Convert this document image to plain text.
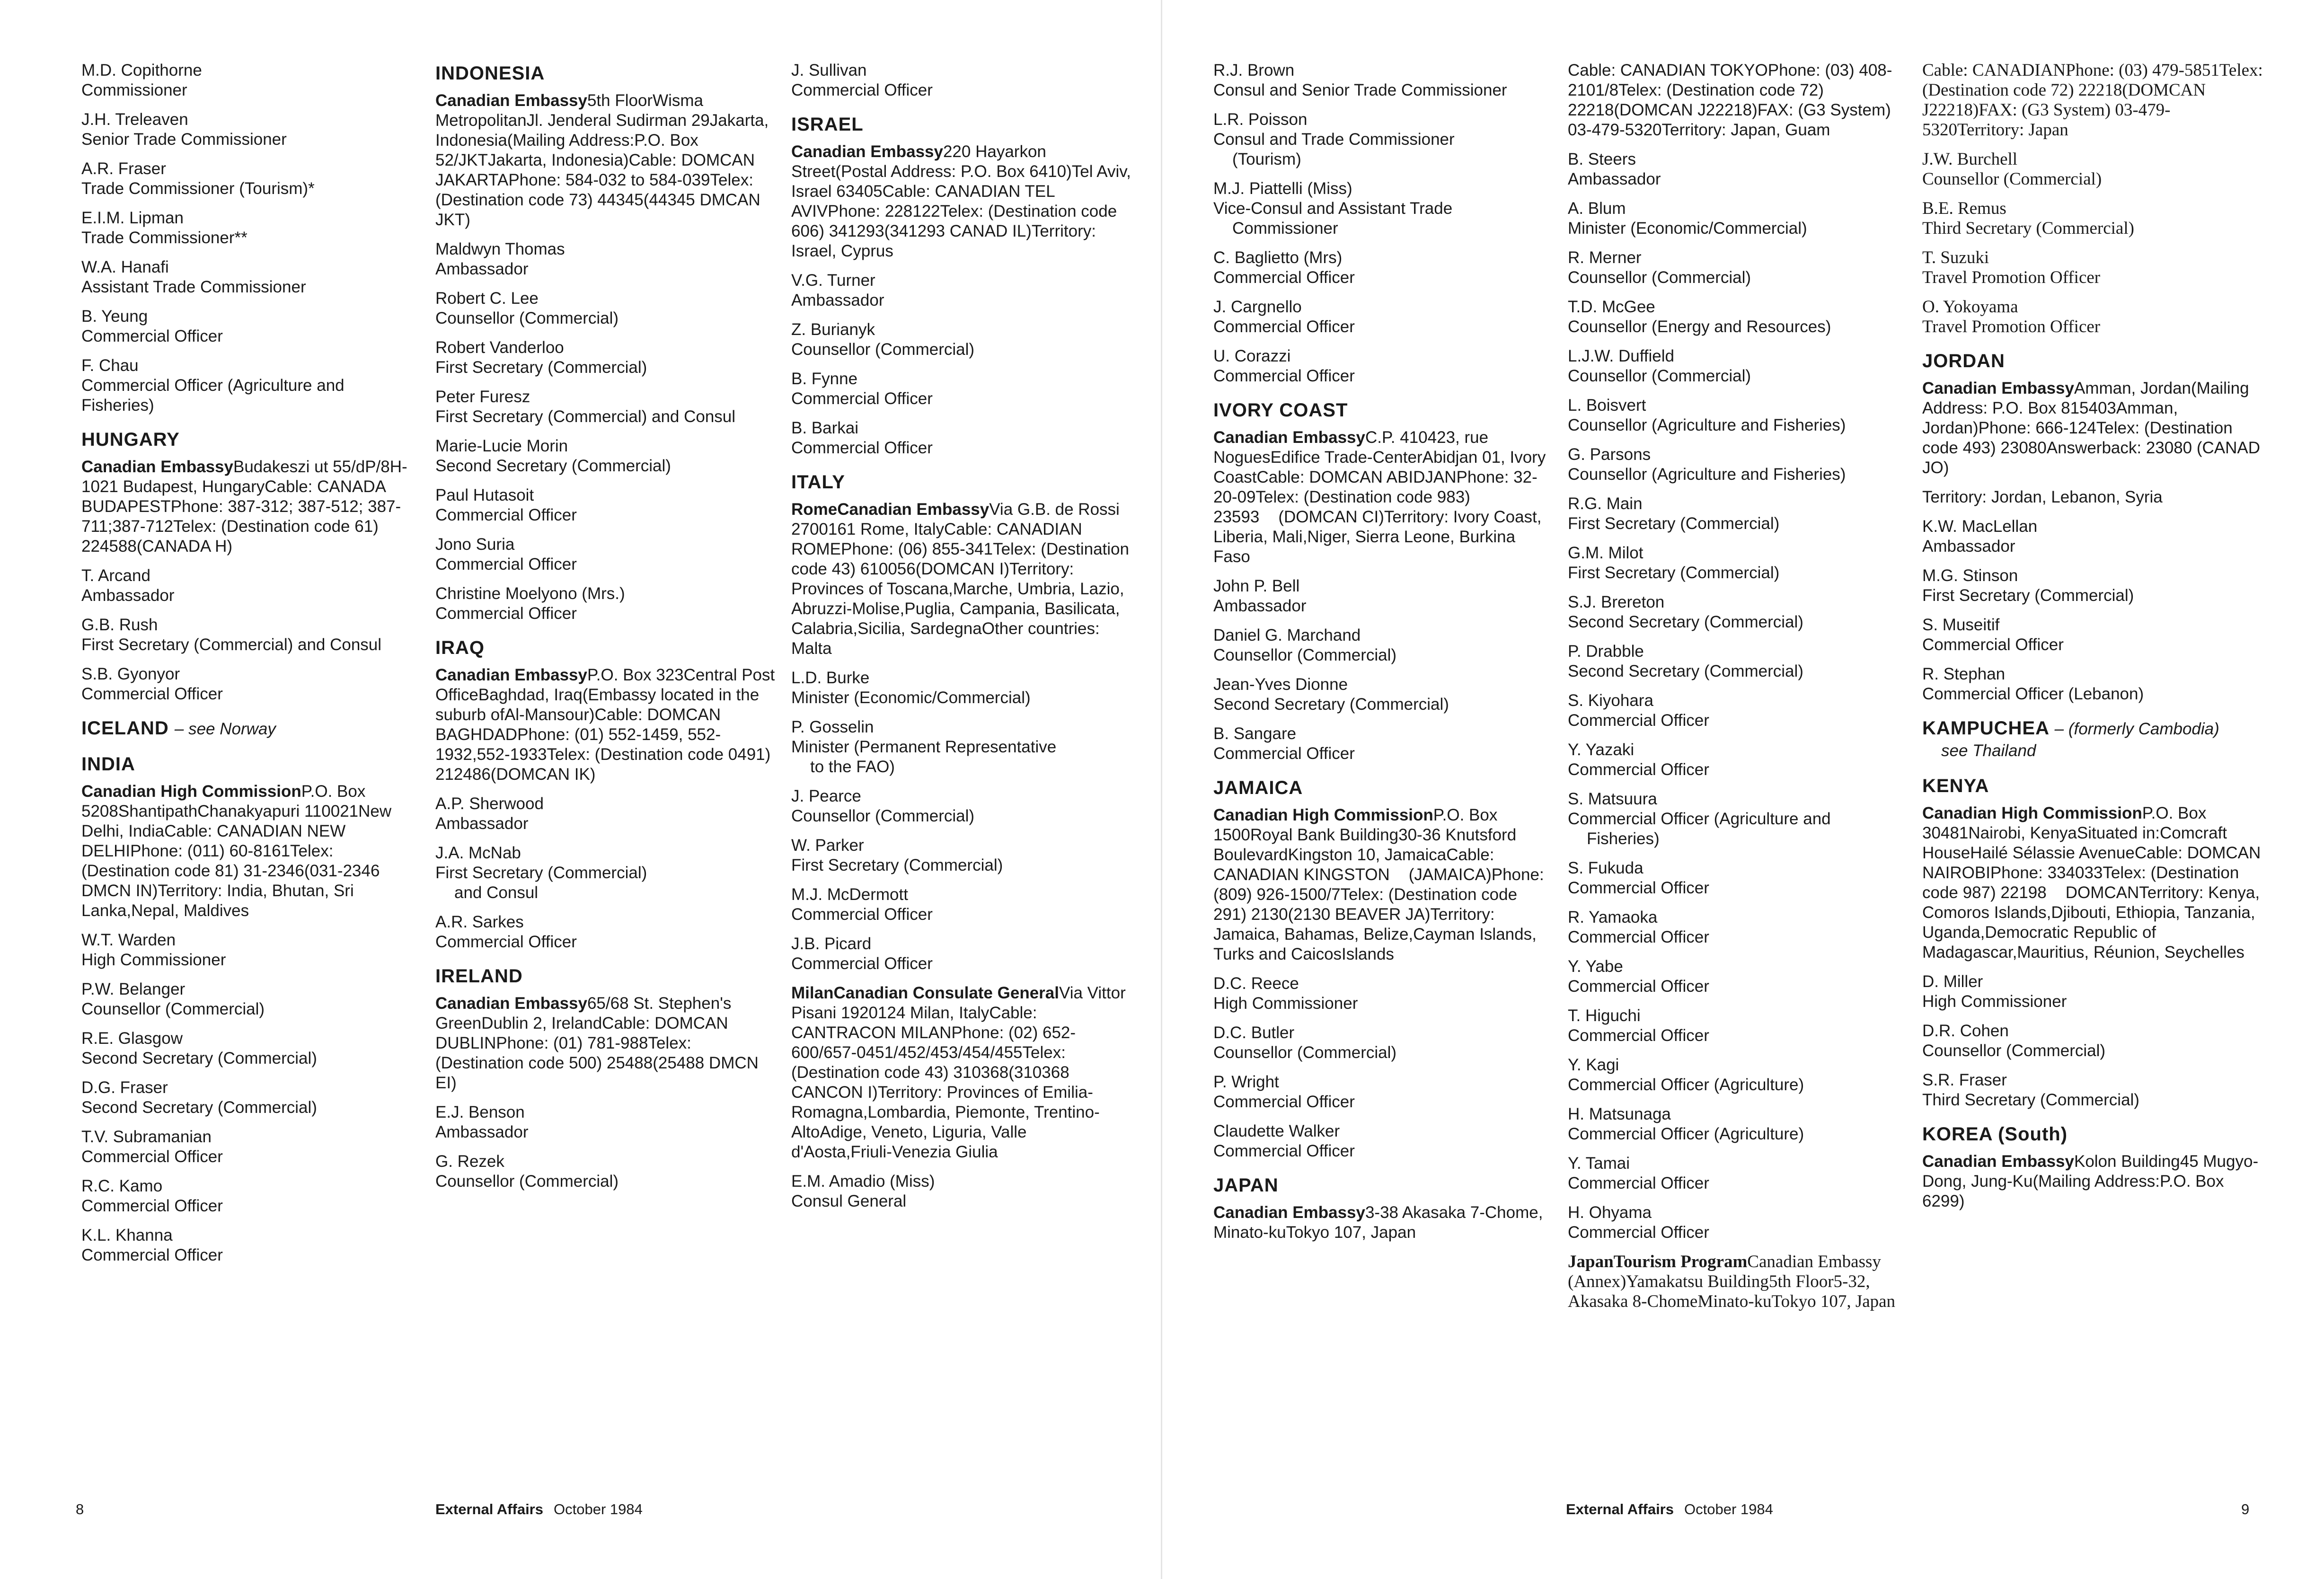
M.D. Copithorne
Commissioner
J.H. Treleaven
Senior Trade Commissioner
A.R. Fraser
Trade Commissioner (Tourism)*
E.I.M. Lipman
Trade Commissioner**
W.A. Hanafi
Assistant Trade Commissioner
B. Yeung
Commercial Officer
F. Chau
Commercial Officer (Agriculture and
Fisheries)
HUNGARY
Canadian EmbassyBudakeszi ut 55/dP/8H-1021 Budapest, HungaryCable: CANADA BUDAPESTPhone: 387-312; 387-512; 387-711;387-712Telex: (Destination code 61) 224588(CANADA H)
T. Arcand
Ambassador
G.B. Rush
First Secretary (Commercial) and Consul
S.B. Gyonyor
Commercial Officer
ICELAND – see Norway
INDIA
Canadian High CommissionP.O. Box 5208ShantipathChanakyapuri 110021New Delhi, IndiaCable: CANADIAN NEW DELHIPhone: (011) 60-8161Telex: (Destination code 81) 31-2346(031-2346 DMCN IN)Territory: India, Bhutan, Sri Lanka,Nepal, Maldives
W.T. Warden
High Commissioner
P.W. Belanger
Counsellor (Commercial)
R.E. Glasgow
Second Secretary (Commercial)
D.G. Fraser
Second Secretary (Commercial)
T.V. Subramanian
Commercial Officer
R.C. Kamo
Commercial Officer
K.L. Khanna
Commercial Officer
INDONESIA
Canadian Embassy5th FloorWisma MetropolitanJl. Jenderal Sudirman 29Jakarta, Indonesia(Mailing Address:P.O. Box 52/JKTJakarta, Indonesia)Cable: DOMCAN JAKARTAPhone: 584-032 to 584-039Telex: (Destination code 73) 44345(44345 DMCAN JKT)
Maldwyn Thomas
Ambassador
Robert C. Lee
Counsellor (Commercial)
Robert Vanderloo
First Secretary (Commercial)
Peter Furesz
First Secretary (Commercial) and Consul
Marie-Lucie Morin
Second Secretary (Commercial)
Paul Hutasoit
Commercial Officer
Jono Suria
Commercial Officer
Christine Moelyono (Mrs.)
Commercial Officer
IRAQ
Canadian EmbassyP.O. Box 323Central Post OfficeBaghdad, Iraq(Embassy located in the suburb ofAl-Mansour)Cable: DOMCAN BAGHDADPhone: (01) 552-1459, 552-1932,552-1933Telex: (Destination code 0491) 212486(DOMCAN IK)
A.P. Sherwood
Ambassador
J.A. McNab
First Secretary (Commercial)
and Consul
A.R. Sarkes
Commercial Officer
IRELAND
Canadian Embassy65/68 St. Stephen's GreenDublin 2, IrelandCable: DOMCAN DUBLINPhone: (01) 781-988Telex: (Destination code 500) 25488(25488 DMCN EI)
E.J. Benson
Ambassador
G. Rezek
Counsellor (Commercial)
J. Sullivan
Commercial Officer
ISRAEL
Canadian Embassy220 Hayarkon Street(Postal Address: P.O. Box 6410)Tel Aviv, Israel 63405Cable: CANADIAN TEL AVIVPhone: 228122Telex: (Destination code 606) 341293(341293 CANAD IL)Territory: Israel, Cyprus
V.G. Turner
Ambassador
Z. Burianyk
Counsellor (Commercial)
B. Fynne
Commercial Officer
B. Barkai
Commercial Officer
ITALY
RomeCanadian EmbassyVia G.B. de Rossi 2700161 Rome, ItalyCable: CANADIAN ROMEPhone: (06) 855-341Telex: (Destination code 43) 610056(DOMCAN I)Territory: Provinces of Toscana,Marche, Umbria, Lazio, Abruzzi-Molise,Puglia, Campania, Basilicata, Calabria,Sicilia, SardegnaOther countries: Malta
L.D. Burke
Minister (Economic/Commercial)
P. Gosselin
Minister (Permanent Representative
to the FAO)
J. Pearce
Counsellor (Commercial)
W. Parker
First Secretary (Commercial)
M.J. McDermott
Commercial Officer
J.B. Picard
Commercial Officer
MilanCanadian Consulate GeneralVia Vittor Pisani 1920124 Milan, ItalyCable: CANTRACON MILANPhone: (02) 652-600/657-0451/452/453/454/455Telex: (Destination code 43) 310368(310368 CANCON I)Territory: Provinces of Emilia-Romagna,Lombardia, Piemonte, Trentino-AltoAdige, Veneto, Liguria, Valle d'Aosta,Friuli-Venezia Giulia
E.M. Amadio (Miss)
Consul General
8	External Affairs October 1984
R.J. Brown
Consul and Senior Trade Commissioner
L.R. Poisson
Consul and Trade Commissioner
(Tourism)
M.J. Piattelli (Miss)
Vice-Consul and Assistant Trade
Commissioner
C. Baglietto (Mrs)
Commercial Officer
J. Cargnello
Commercial Officer
U. Corazzi
Commercial Officer
IVORY COAST
Canadian EmbassyC.P. 410423, rue NoguesEdifice Trade-CenterAbidjan 01, Ivory CoastCable: DOMCAN ABIDJANPhone: 32-20-09Telex: (Destination code 983) 23593 (DOMCAN CI)Territory: Ivory Coast, Liberia, Mali,Niger, Sierra Leone, Burkina Faso
John P. Bell
Ambassador
Daniel G. Marchand
Counsellor (Commercial)
Jean-Yves Dionne
Second Secretary (Commercial)
B. Sangare
Commercial Officer
JAMAICA
Canadian High CommissionP.O. Box 1500Royal Bank Building30-36 Knutsford BoulevardKingston 10, JamaicaCable: CANADIAN KINGSTON (JAMAICA)Phone: (809) 926-1500/7Telex: (Destination code 291) 2130(2130 BEAVER JA)Territory: Jamaica, Bahamas, Belize,Cayman Islands, Turks and CaicosIslands
D.C. Reece
High Commissioner
D.C. Butler
Counsellor (Commercial)
P. Wright
Commercial Officer
Claudette Walker
Commercial Officer
JAPAN
Canadian Embassy3-38 Akasaka 7-Chome, Minato-kuTokyo 107, Japan
Cable: CANADIAN TOKYOPhone: (03) 408-2101/8Telex: (Destination code 72) 22218(DOMCAN J22218)FAX: (G3 System) 03-479-5320Territory: Japan, Guam
B. Steers
Ambassador
A. Blum
Minister (Economic/Commercial)
R. Merner
Counsellor (Commercial)
T.D. McGee
Counsellor (Energy and Resources)
L.J.W. Duffield
Counsellor (Commercial)
L. Boisvert
Counsellor (Agriculture and Fisheries)
G. Parsons
Counsellor (Agriculture and Fisheries)
R.G. Main
First Secretary (Commercial)
G.M. Milot
First Secretary (Commercial)
S.J. Brereton
Second Secretary (Commercial)
P. Drabble
Second Secretary (Commercial)
S. Kiyohara
Commercial Officer
Y. Yazaki
Commercial Officer
S. Matsuura
Commercial Officer (Agriculture and
Fisheries)
S. Fukuda
Commercial Officer
R. Yamaoka
Commercial Officer
Y. Yabe
Commercial Officer
T. Higuchi
Commercial Officer
Y. Kagi
Commercial Officer (Agriculture)
H. Matsunaga
Commercial Officer (Agriculture)
Y. Tamai
Commercial Officer
H. Ohyama
Commercial Officer
JapanTourism ProgramCanadian Embassy (Annex)Yamakatsu Building5th Floor5-32, Akasaka 8-ChomeMinato-kuTokyo 107, Japan
Cable: CANADIANPhone: (03) 479-5851Telex: (Destination code 72) 22218(DOMCAN J22218)FAX: (G3 System) 03-479-5320Territory: Japan
J.W. Burchell
Counsellor (Commercial)
B.E. Remus
Third Secretary (Commercial)
T. Suzuki
Travel Promotion Officer
O. Yokoyama
Travel Promotion Officer
JORDAN
Canadian EmbassyAmman, Jordan(Mailing Address: P.O. Box 815403Amman, Jordan)Phone: 666-124Telex: (Destination code 493) 23080Answerback: 23080 (CANAD JO)
Territory: Jordan, Lebanon, Syria
K.W. MacLellan
Ambassador
M.G. Stinson
First Secretary (Commercial)
S. Museitif
Commercial Officer
R. Stephan
Commercial Officer (Lebanon)
KAMPUCHEA – (formerly Cambodia)
see Thailand
KENYA
Canadian High CommissionP.O. Box 30481Nairobi, KenyaSituated in:Comcraft HouseHailé Sélassie AvenueCable: DOMCAN NAIROBIPhone: 334033Telex: (Destination code 987) 22198 DOMCANTerritory: Kenya, Comoros Islands,Djibouti, Ethiopia, Tanzania, Uganda,Democratic Republic of Madagascar,Mauritius, Réunion, Seychelles
D. Miller
High Commissioner
D.R. Cohen
Counsellor (Commercial)
S.R. Fraser
Third Secretary (Commercial)
KOREA (South)
Canadian EmbassyKolon Building45 Mugyo-Dong, Jung-Ku(Mailing Address:P.O. Box 6299)
External Affairs October 1984	9
